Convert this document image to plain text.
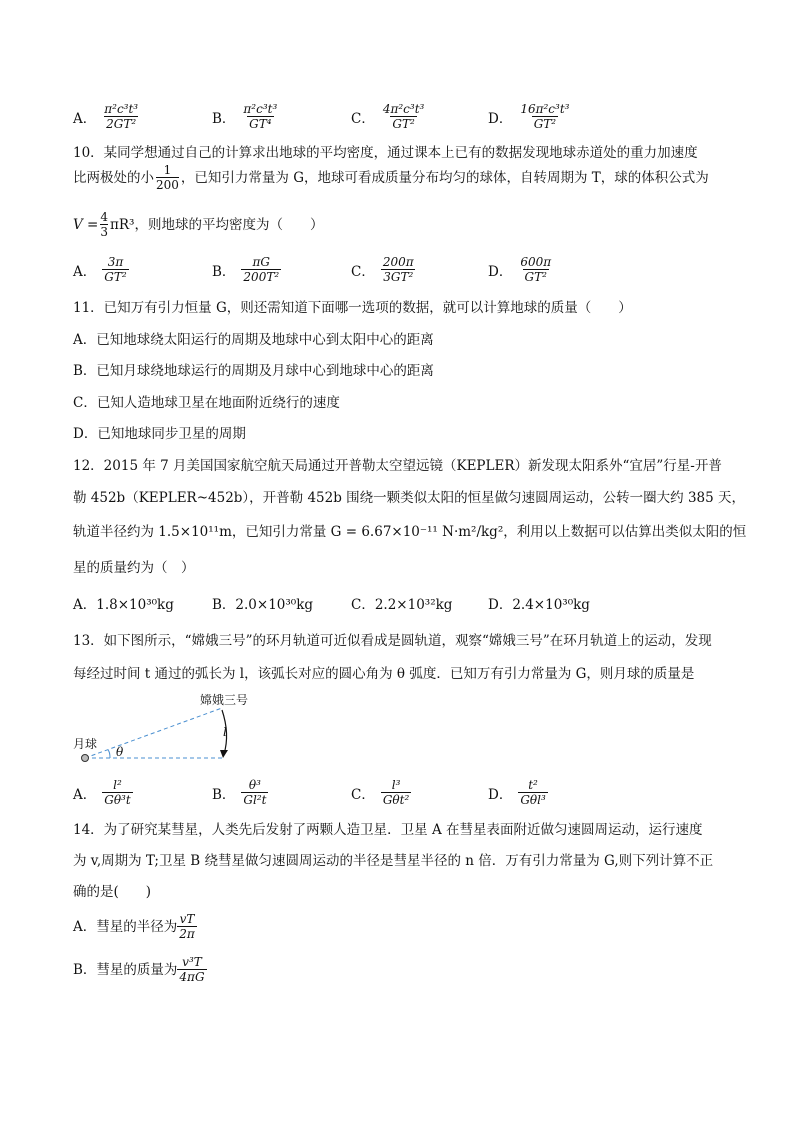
A． $\frac{\text{π²c³t³}}{\text{2GT²}}$	B． $\frac{\text{π²c³t³}}{\text{GT⁴}}$	C． $\frac{\text{4π²c³t³}}{\text{GT²}}$	D． $\frac{\text{16π²c³t³}}{\text{GT²}}$
10．某同学想通过自己的计算求出地球的平均密度，通过课本上已有的数据发现地球赤道处的重力加速度
比两极处的小 $\frac{1}{200}$ ，已知引力常量为 G，地球可看成质量分布均匀的球体，自转周期为 T，球的体积公式为
$V = \frac{4}{3} \pi R^3$，则地球的平均密度为（　　）
A． $\frac{3\pi}{\text{GT²}}$	B． $\frac{\pi G}{\text{200T²}}$	C． $\frac{200\pi}{\text{3GT²}}$	D． $\frac{600\pi}{\text{GT²}}$
11．已知万有引力恒量 G，则还需知道下面哪一选项的数据，就可以计算地球的质量（　　）
A．已知地球绕太阳运行的周期及地球中心到太阳中心的距离
B．已知月球绕地球运行的周期及月球中心到地球中心的距离
C．已知人造地球卫星在地面附近绕行的速度
D．已知地球同步卫星的周期
12．2015 年 7 月美国国家航空航天局通过开普勒太空望远镜（KEPLER）新发现太阳系外“宜居”行星-开普
勒 452b（KEPLER~452b），开普勒 452b 围绕一颗类似太阳的恒星做匀速圆周运动，公转一圈大约 385 天，
轨道半径约为 1.5×10¹¹m，已知引力常量 G = 6.67×10⁻¹¹ N·m²/kg²，利用以上数据可以估算出类似太阳的恒
星的质量约为（　）
A．1.8×10³⁰kg	B．2.0×10³⁰kg	C．2.2×10³²kg	D．2.4×10³⁰kg
13．如下图所示，“嫦娥三号”的环月轨道可近似看成是圆轨道，观察“嫦娥三号”在环月轨道上的运动，发现
每经过时间 t 通过的弧长为 l，该弧长对应的圆心角为 θ 弧度．已知万有引力常量为 G，则月球的质量是
月球
嫦娥三号
θ
l
A． $\frac{\text{l²}}{\text{Gθ³t}}$	B． $\frac{\text{θ³}}{\text{Gl²t}}$	C． $\frac{\text{l³}}{\text{Gθt²}}$	D． $\frac{\text{t²}}{\text{Gθl³}}$
14．为了研究某彗星，人类先后发射了两颗人造卫星．卫星 A 在彗星表面附近做匀速圆周运动，运行速度
为 v,周期为 T;卫星 B 绕彗星做匀速圆周运动的半径是彗星半径的 n 倍．万有引力常量为 G,则下列计算不正
确的是(　　)
A．彗星的半径为 $\frac{vT}{2\pi}$
B．彗星的质量为 $\frac{\text{v³T}}{4\pi G}$
